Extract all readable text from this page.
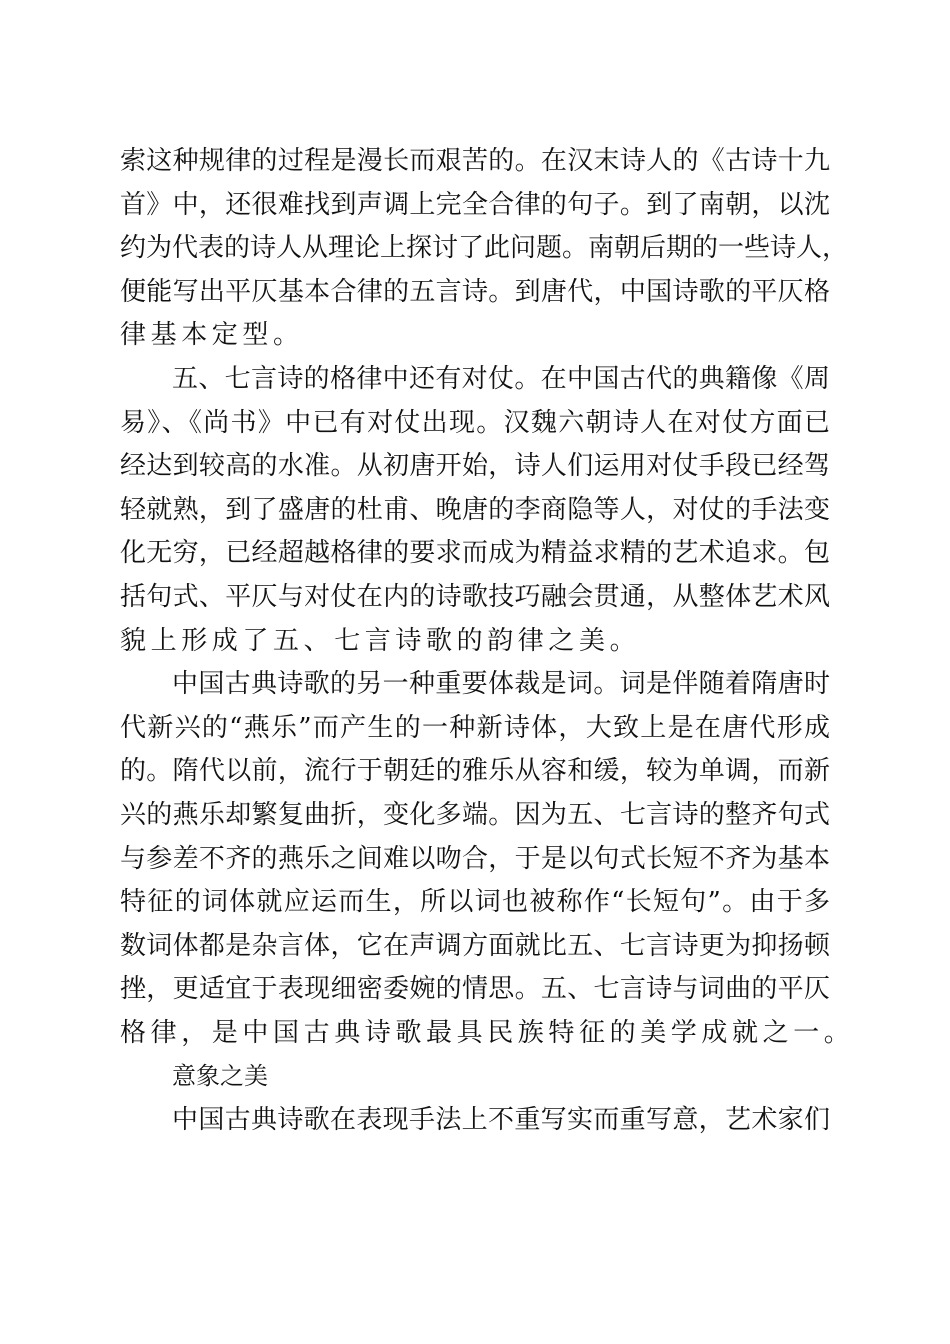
索这种规律的过程是漫长而艰苦的。在汉末诗人的《古诗十九
首》中，还很难找到声调上完全合律的句子。到了南朝，以沈
约为代表的诗人从理论上探讨了此问题。南朝后期的一些诗人，
便能写出平仄基本合律的五言诗。到唐代，中国诗歌的平仄格
律基本定型。
五、七言诗的格律中还有对仗。在中国古代的典籍像《周
易》、《尚书》中已有对仗出现。汉魏六朝诗人在对仗方面已
经达到较高的水准。从初唐开始，诗人们运用对仗手段已经驾
轻就熟，到了盛唐的杜甫、晚唐的李商隐等人，对仗的手法变
化无穷，已经超越格律的要求而成为精益求精的艺术追求。包
括句式、平仄与对仗在内的诗歌技巧融会贯通，从整体艺术风
貌上形成了五、七言诗歌的韵律之美。
中国古典诗歌的另一种重要体裁是词。词是伴随着隋唐时
代新兴的“燕乐”而产生的一种新诗体，大致上是在唐代形成
的。隋代以前，流行于朝廷的雅乐从容和缓，较为单调，而新
兴的燕乐却繁复曲折，变化多端。因为五、七言诗的整齐句式
与参差不齐的燕乐之间难以吻合，于是以句式长短不齐为基本
特征的词体就应运而生，所以词也被称作“长短句”。由于多
数词体都是杂言体，它在声调方面就比五、七言诗更为抑扬顿
挫，更适宜于表现细密委婉的情思。五、七言诗与词曲的平仄
格律，是中国古典诗歌最具民族特征的美学成就之一。
意象之美
中国古典诗歌在表现手法上不重写实而重写意，艺术家们
